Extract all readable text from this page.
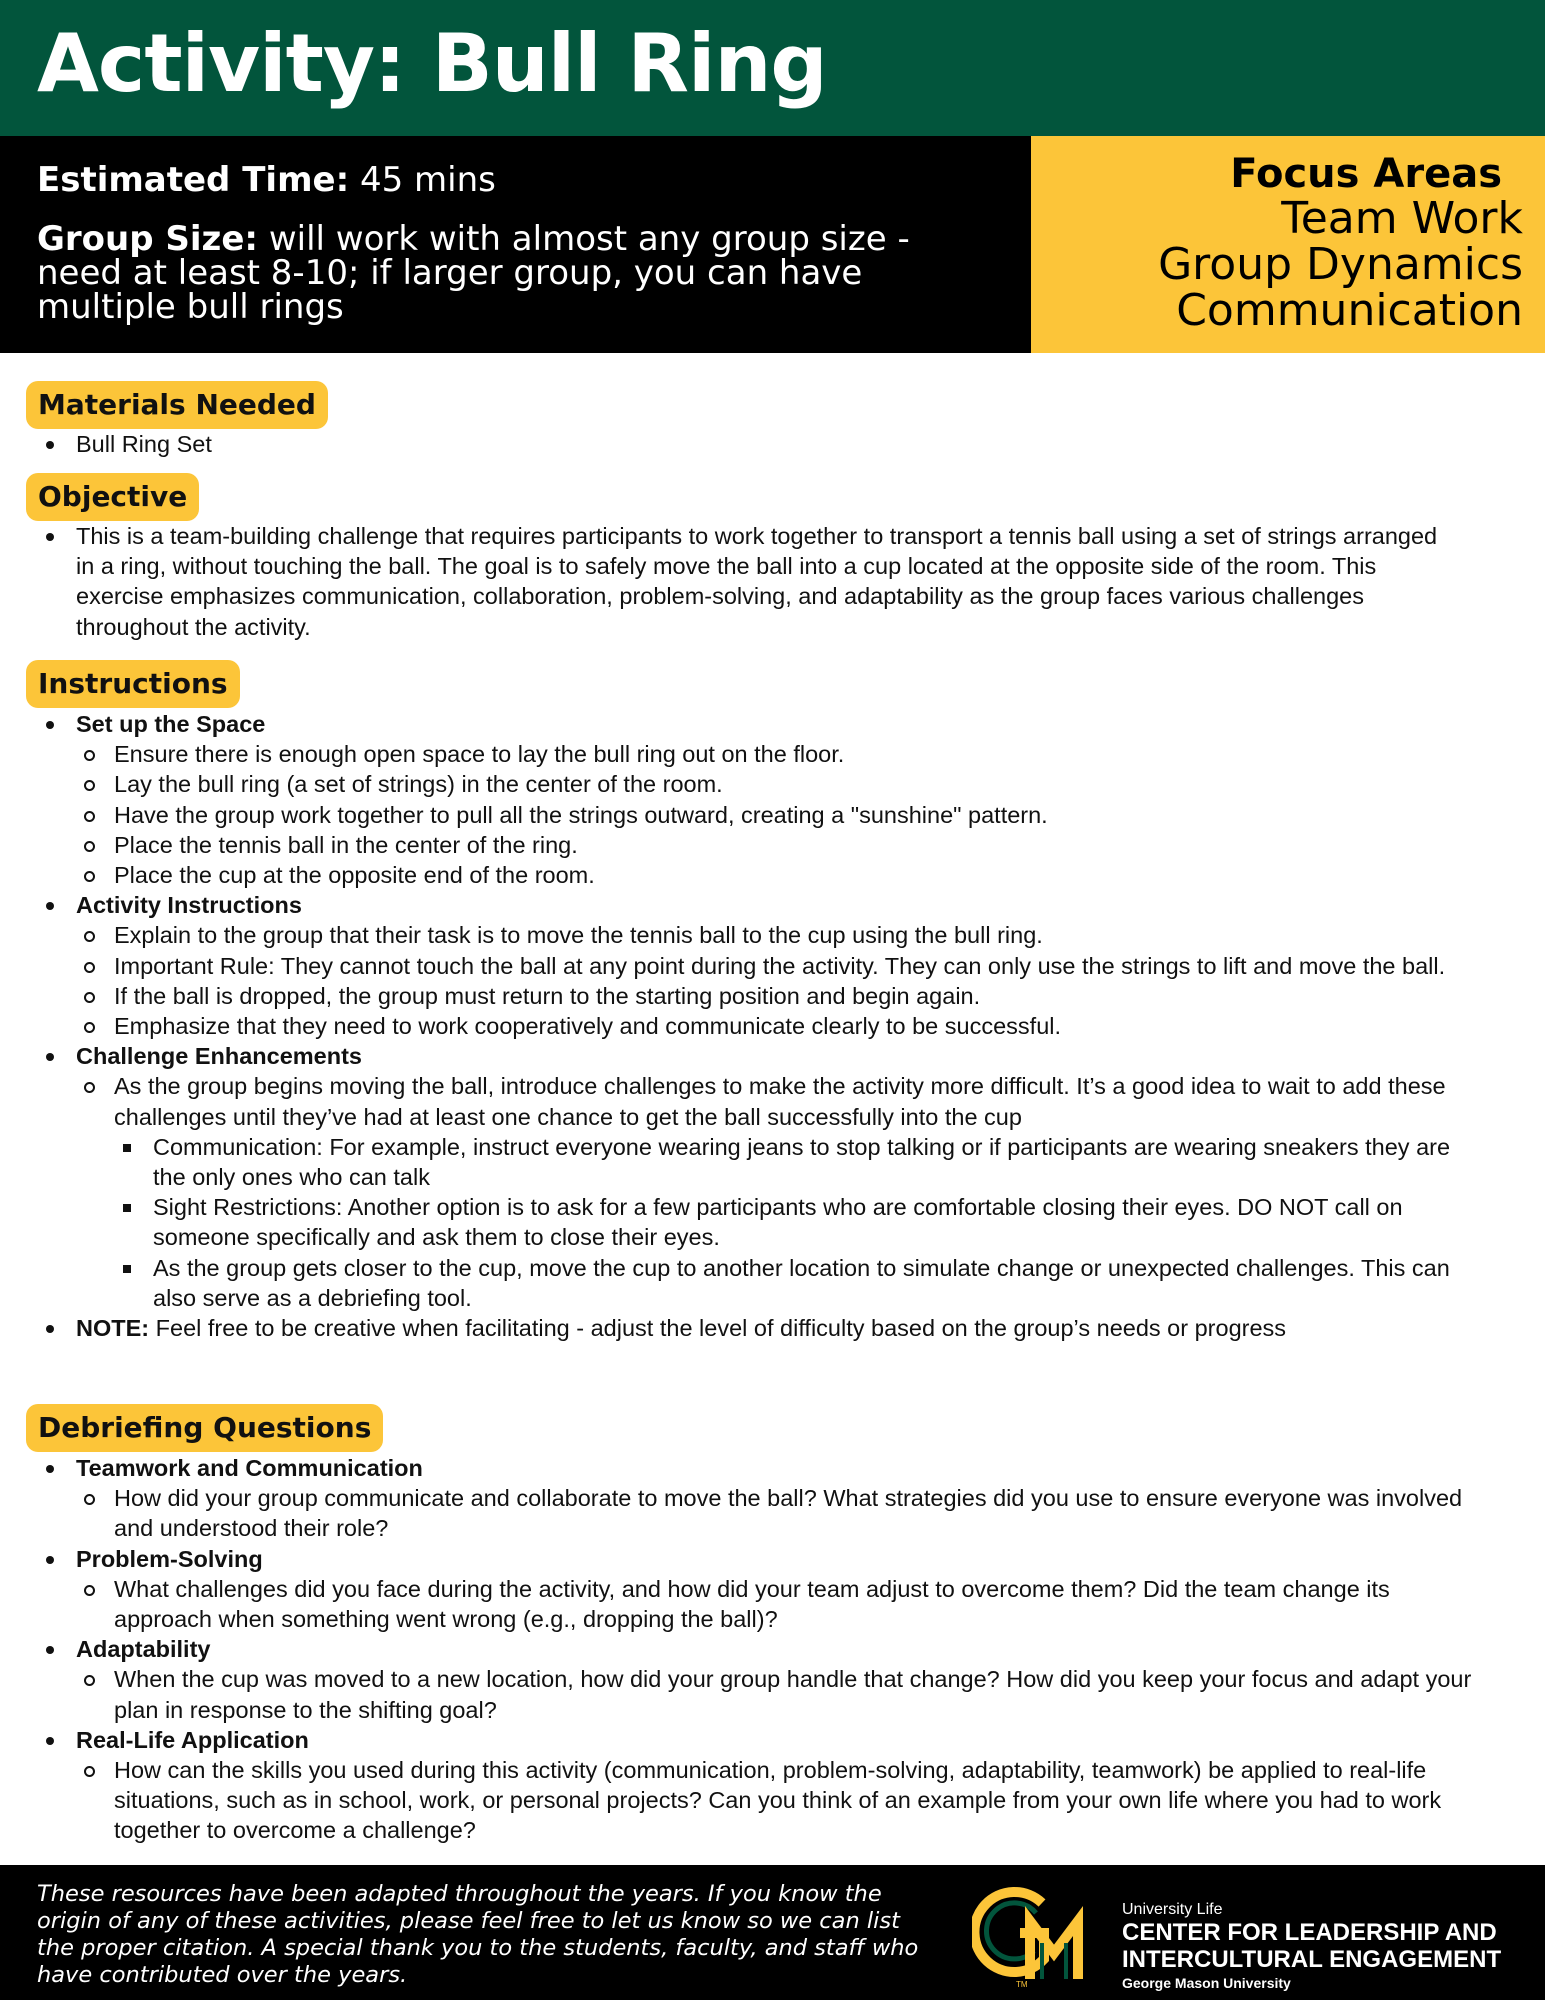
Activity: Bull Ring
Estimated Time: 45 mins
Group Size: will work with almost any group size - need at least 8-10; if larger group, you can have multiple bull rings
Focus Areas
Team Work
Group Dynamics
Communication
Materials Needed
Bull Ring Set
Objective
This is a team-building challenge that requires participants to work together to transport a tennis ball using a set of strings arranged in a ring, without touching the ball. The goal is to safely move the ball into a cup located at the opposite side of the room. This exercise emphasizes communication, collaboration, problem-solving, and adaptability as the group faces various challenges throughout the activity.
Instructions
Set up the Space
Ensure there is enough open space to lay the bull ring out on the floor.
Lay the bull ring (a set of strings) in the center of the room.
Have the group work together to pull all the strings outward, creating a "sunshine" pattern.
Place the tennis ball in the center of the ring.
Place the cup at the opposite end of the room.
Activity Instructions
Explain to the group that their task is to move the tennis ball to the cup using the bull ring.
Important Rule: They cannot touch the ball at any point during the activity. They can only use the strings to lift and move the ball.
If the ball is dropped, the group must return to the starting position and begin again.
Emphasize that they need to work cooperatively and communicate clearly to be successful.
Challenge Enhancements
As the group begins moving the ball, introduce challenges to make the activity more difficult. It’s a good idea to wait to add these challenges until they’ve had at least one chance to get the ball successfully into the cup
Communication: For example, instruct everyone wearing jeans to stop talking or if participants are wearing sneakers they are the only ones who can talk
Sight Restrictions: Another option is to ask for a few participants who are comfortable closing their eyes. DO NOT call on someone specifically and ask them to close their eyes.
As the group gets closer to the cup, move the cup to another location to simulate change or unexpected challenges. This can also serve as a debriefing tool.
NOTE: Feel free to be creative when facilitating - adjust the level of difficulty based on the group’s needs or progress
Debriefing Questions
Teamwork and Communication
How did your group communicate and collaborate to move the ball? What strategies did you use to ensure everyone was involved and understood their role?
Problem-Solving
What challenges did you face during the activity, and how did your team adjust to overcome them? Did the team change its approach when something went wrong (e.g., dropping the ball)?
Adaptability
When the cup was moved to a new location, how did your group handle that change? How did you keep your focus and adapt your plan in response to the shifting goal?
Real-Life Application
How can the skills you used during this activity (communication, problem-solving, adaptability, teamwork) be applied to real-life situations, such as in school, work, or personal projects? Can you think of an example from your own life where you had to work together to overcome a challenge?
These resources have been adapted throughout the years. If you know the origin of any of these activities, please feel free to let us know so we can list the proper citation. A special thank you to the students, faculty, and staff who have contributed over the years.	TM
University Life
CENTER FOR LEADERSHIP AND
INTERCULTURAL ENGAGEMENT
George Mason University
